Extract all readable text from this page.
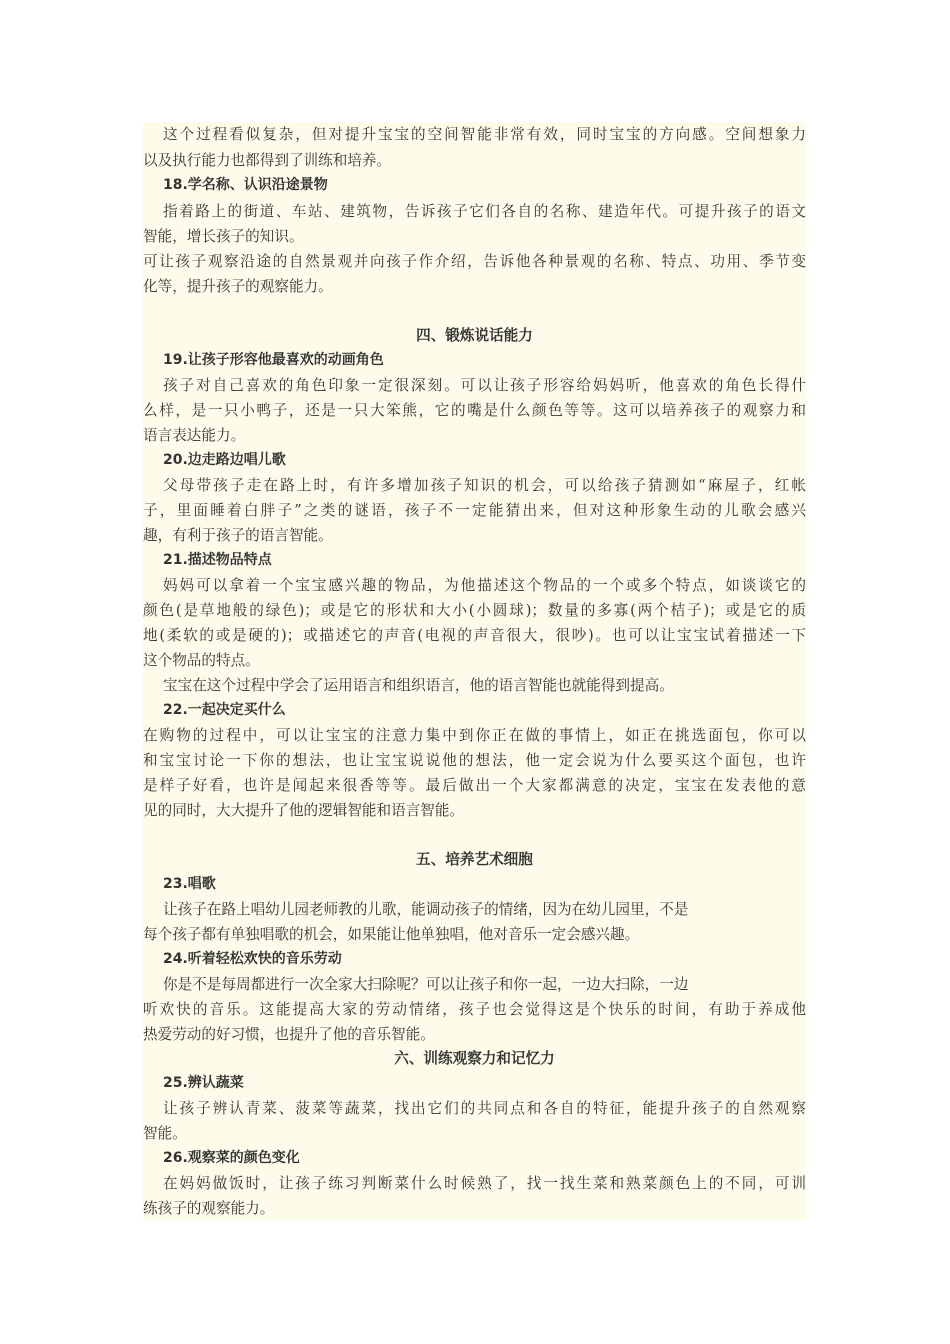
这个过程看似复杂，但对提升宝宝的空间智能非常有效，同时宝宝的方向感。空间想象力
以及执行能力也都得到了训练和培养。
18.学名称、认识沿途景物
指着路上的街道、车站、建筑物，告诉孩子它们各自的名称、建造年代。可提升孩子的语文
智能，增长孩子的知识。
可让孩子观察沿途的自然景观并向孩子作介绍，告诉他各种景观的名称、特点、功用、季节变
化等，提升孩子的观察能力。
四、锻炼说话能力
19.让孩子形容他最喜欢的动画角色
孩子对自己喜欢的角色印象一定很深刻。可以让孩子形容给妈妈听，他喜欢的角色长得什
么样，是一只小鸭子，还是一只大笨熊，它的嘴是什么颜色等等。这可以培养孩子的观察力和
语言表达能力。
20.边走路边唱儿歌
父母带孩子走在路上时，有许多增加孩子知识的机会，可以给孩子猜测如“麻屋子，红帐
子，里面睡着白胖子”之类的谜语，孩子不一定能猜出来，但对这种形象生动的儿歌会感兴
趣，有利于孩子的语言智能。
21.描述物品特点
妈妈可以拿着一个宝宝感兴趣的物品，为他描述这个物品的一个或多个特点，如谈谈它的
颜色(是草地般的绿色)；或是它的形状和大小(小圆球)；数量的多寡(两个桔子)；或是它的质
地(柔软的或是硬的)；或描述它的声音(电视的声音很大，很吵)。也可以让宝宝试着描述一下
这个物品的特点。
宝宝在这个过程中学会了运用语言和组织语言，他的语言智能也就能得到提高。
22.一起决定买什么
在购物的过程中，可以让宝宝的注意力集中到你正在做的事情上，如正在挑选面包，你可以
和宝宝讨论一下你的想法，也让宝宝说说他的想法，他一定会说为什么要买这个面包，也许
是样子好看，也许是闻起来很香等等。最后做出一个大家都满意的决定，宝宝在发表他的意
见的同时，大大提升了他的逻辑智能和语言智能。
五、培养艺术细胞
23.唱歌
让孩子在路上唱幼儿园老师教的儿歌，能调动孩子的情绪，因为在幼儿园里，不是
每个孩子都有单独唱歌的机会，如果能让他单独唱，他对音乐一定会感兴趣。
24.听着轻松欢快的音乐劳动
你是不是每周都进行一次全家大扫除呢？可以让孩子和你一起，一边大扫除，一边
听欢快的音乐。这能提高大家的劳动情绪，孩子也会觉得这是个快乐的时间，有助于养成他
热爱劳动的好习惯，也提升了他的音乐智能。
六、训练观察力和记忆力
25.辨认蔬菜
让孩子辨认青菜、菠菜等蔬菜，找出它们的共同点和各自的特征，能提升孩子的自然观察
智能。
26.观察菜的颜色变化
在妈妈做饭时，让孩子练习判断菜什么时候熟了，找一找生菜和熟菜颜色上的不同，可训
练孩子的观察能力。
